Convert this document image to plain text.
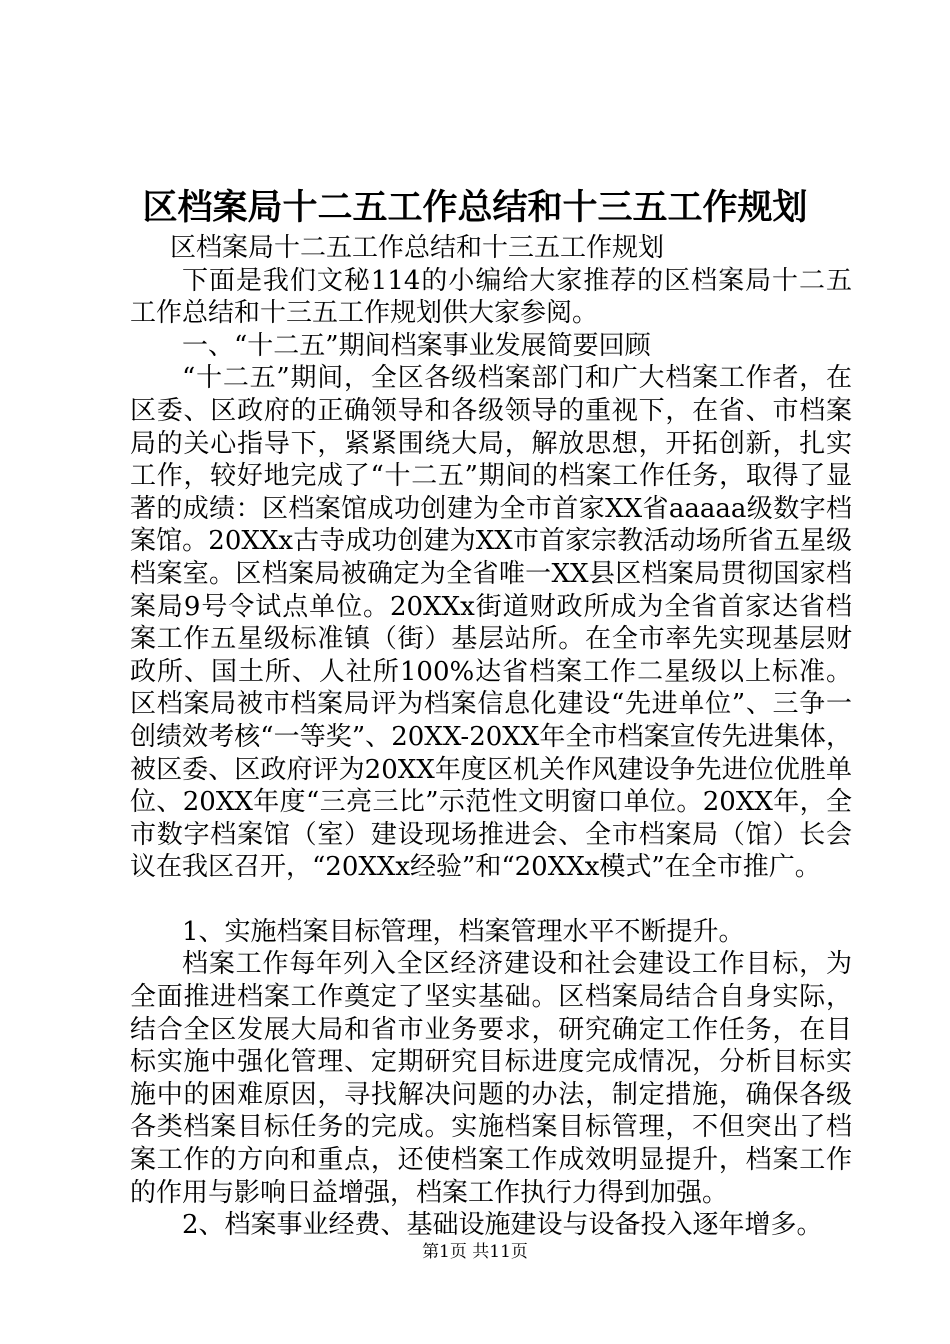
区档案局十二五工作总结和十三五工作规划

区档案局十二五工作总结和十三五工作规划

下面是我们文秘114的小编给大家推荐的区档案局十二五工作总结和十三五工作规划供大家参阅。

一、“十二五”期间档案事业发展简要回顾

“十二五”期间，全区各级档案部门和广大档案工作者，在区委、区政府的正确领导和各级领导的重视下，在省、市档案局的关心指导下，紧紧围绕大局，解放思想，开拓创新，扎实工作，较好地完成了“十二五”期间的档案工作任务，取得了显著的成绩：区档案馆成功创建为全市首家XX省aaaaa级数字档案馆。20XXx古寺成功创建为XX市首家宗教活动场所省五星级档案室。区档案局被确定为全省唯一XX县区档案局贯彻国家档案局9号令试点单位。20XXx街道财政所成为全省首家达省档案工作五星级标准镇（街）基层站所。在全市率先实现基层财政所、国土所、人社所100%达省档案工作二星级以上标准。区档案局被市档案局评为档案信息化建设“先进单位”、三争一创绩效考核“一等奖”、20XX-20XX年全市档案宣传先进集体，被区委、区政府评为20XX年度区机关作风建设争先进位优胜单位、20XX年度“三亮三比”示范性文明窗口单位。20XX年，全市数字档案馆（室）建设现场推进会、全市档案局（馆）长会议在我区召开，“20XXx经验”和“20XXx模式”在全市推广。

1、实施档案目标管理，档案管理水平不断提升。

档案工作每年列入全区经济建设和社会建设工作目标，为全面推进档案工作奠定了坚实基础。区档案局结合自身实际，结合全区发展大局和省市业务要求，研究确定工作任务，在目标实施中强化管理、定期研究目标进度完成情况，分析目标实施中的困难原因，寻找解决问题的办法，制定措施，确保各级各类档案目标任务的完成。实施档案目标管理，不但突出了档案工作的方向和重点，还使档案工作成效明显提升，档案工作的作用与影响日益增强，档案工作执行力得到加强。

2、档案事业经费、基础设施建设与设备投入逐年增多。

第1页 共11页
